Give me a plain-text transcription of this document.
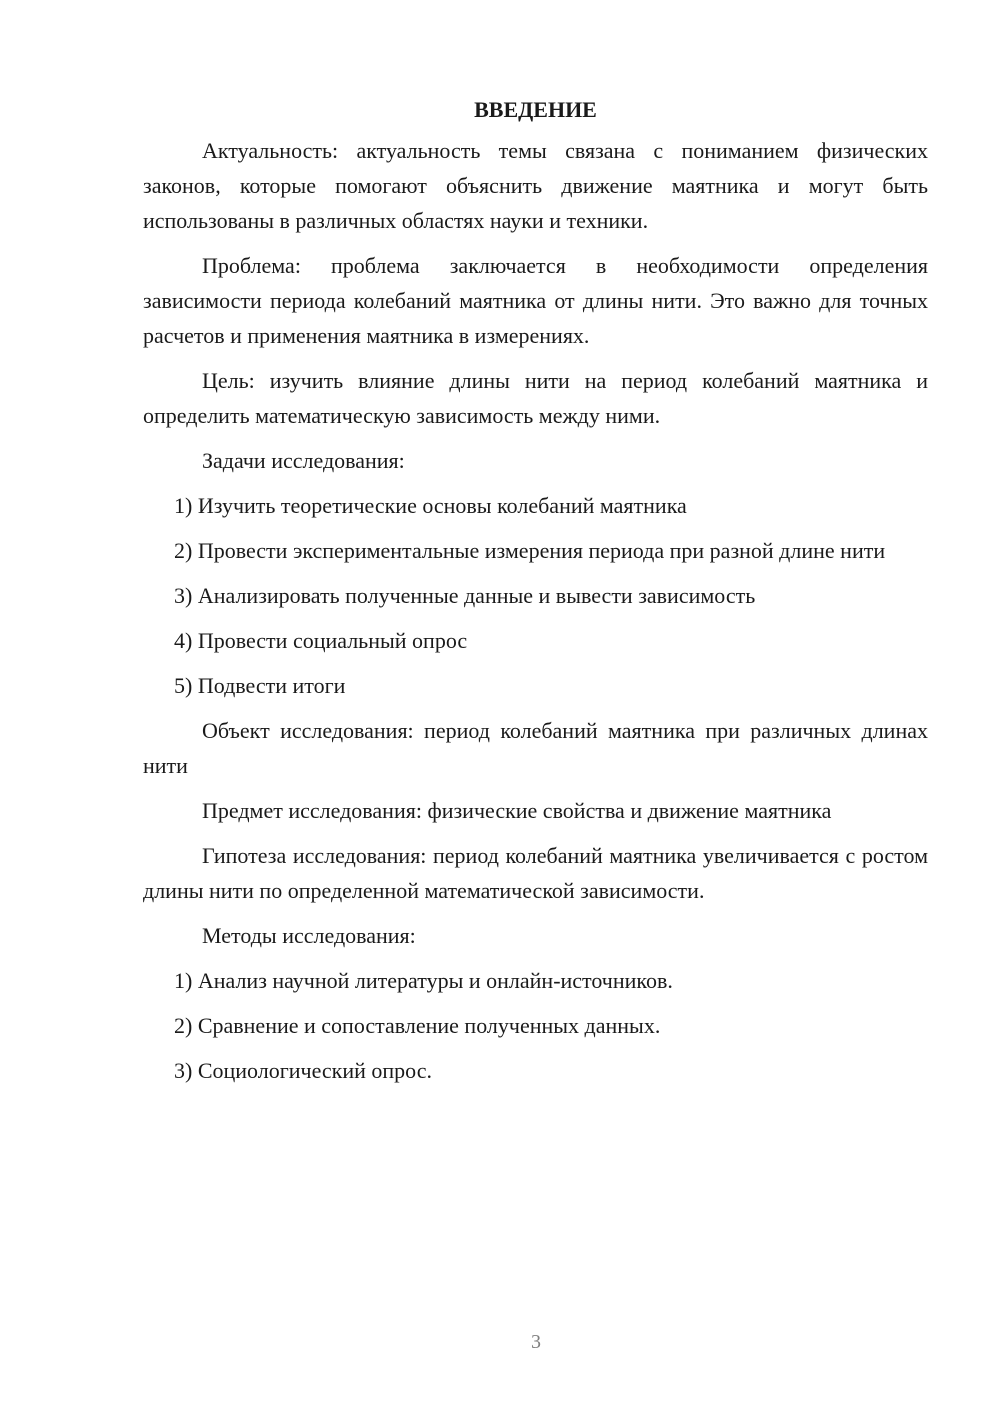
ВВЕДЕНИЕ

Актуальность: актуальность темы связана с пониманием физических законов, которые помогают объяснить движение маятника и могут быть использованы в различных областях науки и техники.

Проблема: проблема заключается в необходимости определения зависимости периода колебаний маятника от длины нити. Это важно для точных расчетов и применения маятника в измерениях.

Цель: изучить влияние длины нити на период колебаний маятника и определить математическую зависимость между ними.

Задачи исследования:

1) Изучить теоретические основы колебаний маятника

2) Провести экспериментальные измерения периода при разной длине нити

3) Анализировать полученные данные и вывести зависимость

4) Провести социальный опрос

5) Подвести итоги

Объект исследования: период колебаний маятника при различных длинах нити

Предмет исследования: физические свойства и движение маятника

Гипотеза исследования: период колебаний маятника увеличивается с ростом длины нити по определенной математической зависимости.

Методы исследования:

1) Анализ научной литературы и онлайн-источников.

2) Сравнение и сопоставление полученных данных.

3) Социологический опрос.

3
